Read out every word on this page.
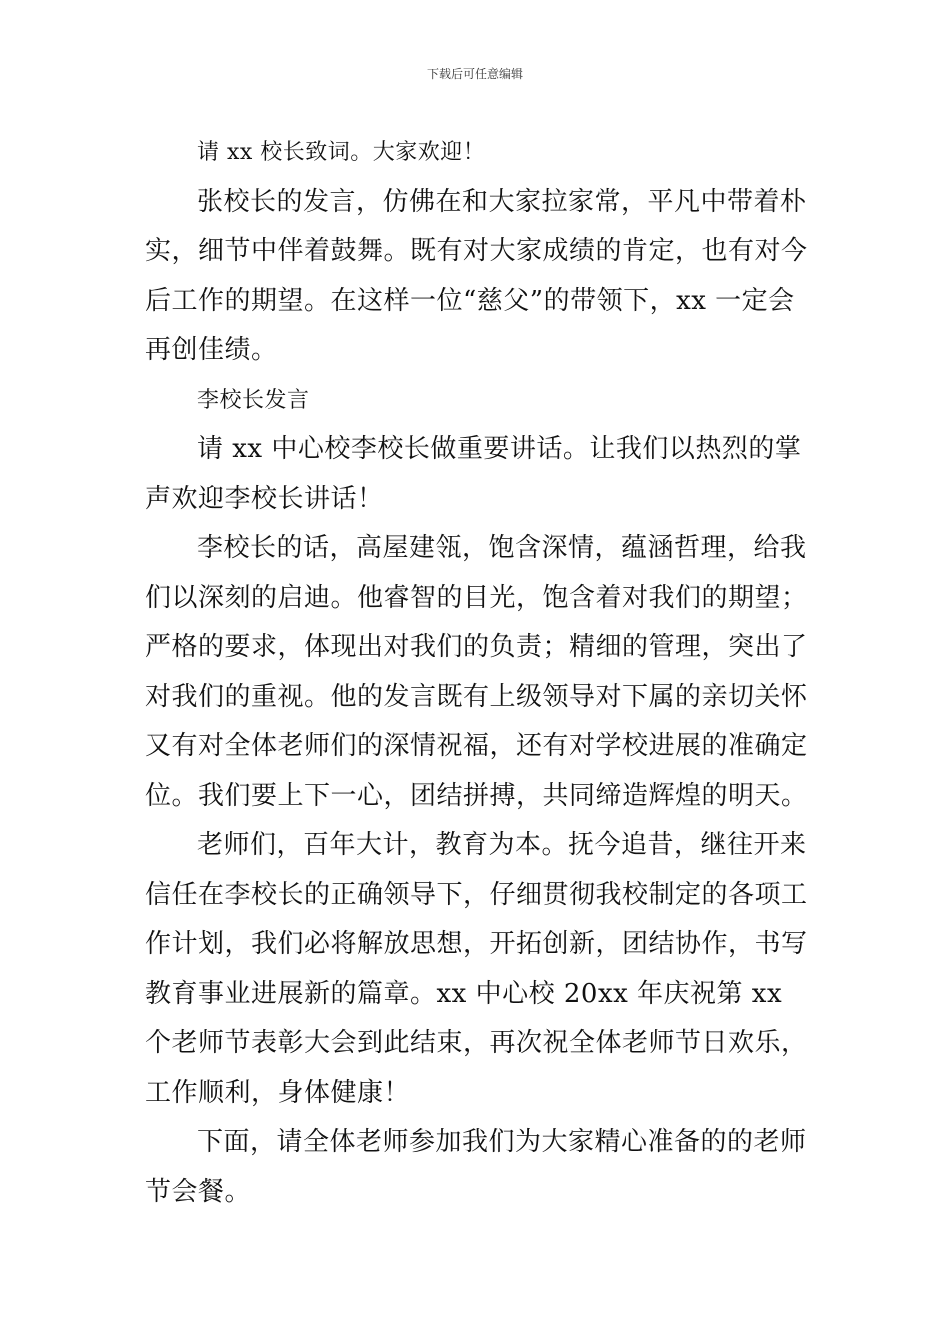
下载后可任意编辑

请 xx 校长致词。大家欢迎！

张校长的发言，仿佛在和大家拉家常，平凡中带着朴实，细节中伴着鼓舞。既有对大家成绩的肯定，也有对今后工作的期望。在这样一位“慈父”的带领下，xx 一定会再创佳绩。

李校长发言

请 xx 中心校李校长做重要讲话。让我们以热烈的掌声欢迎李校长讲话！

李校长的话，高屋建瓴，饱含深情，蕴涵哲理，给我们以深刻的启迪。他睿智的目光，饱含着对我们的期望；严格的要求，体现出对我们的负责；精细的管理，突出了对我们的重视。他的发言既有上级领导对下属的亲切关怀又有对全体老师们的深情祝福，还有对学校进展的准确定位。我们要上下一心，团结拼搏，共同缔造辉煌的明天。

老师们，百年大计，教育为本。抚今追昔，继往开来信任在李校长的正确领导下，仔细贯彻我校制定的各项工作计划，我们必将解放思想，开拓创新，团结协作，书写教育事业进展新的篇章。xx 中心校 20xx 年庆祝第 xx 个老师节表彰大会到此结束，再次祝全体老师节日欢乐，工作顺利，身体健康！

下面，请全体老师参加我们为大家精心准备的的老师节会餐。
